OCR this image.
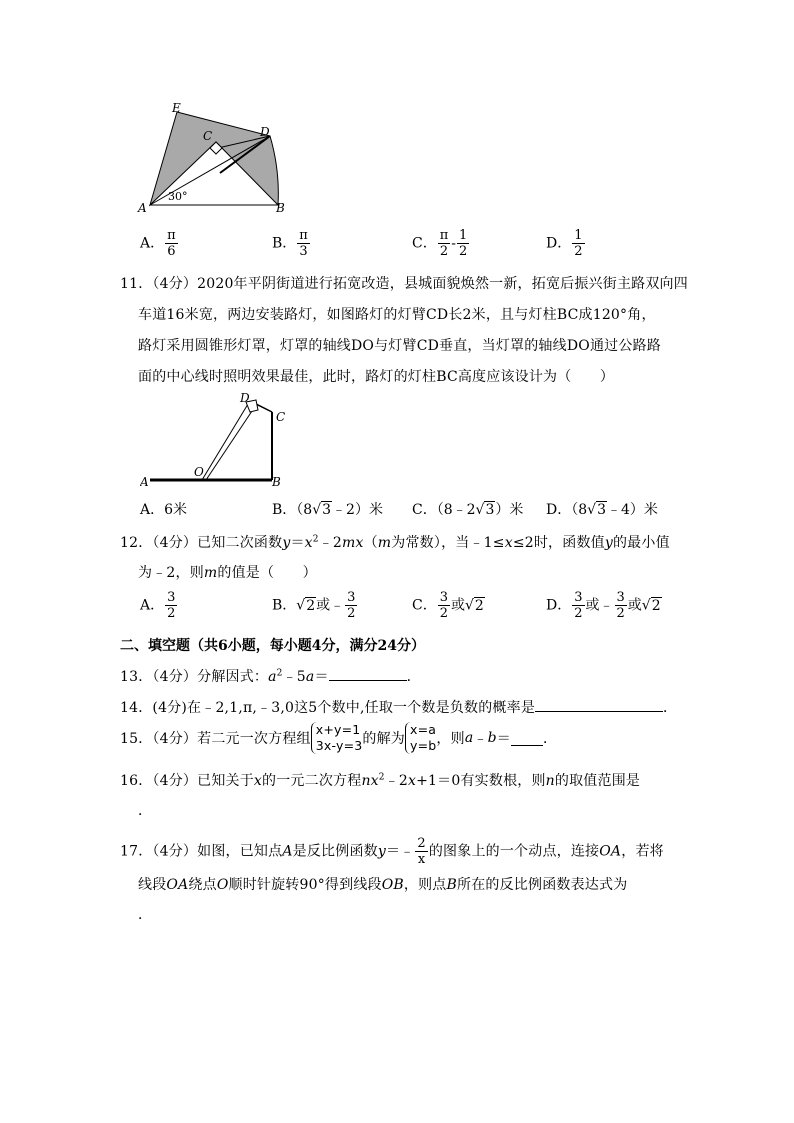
E
C	D
A	B
30°
A． $\frac{\pi}{6}$	B． $\frac{\pi}{3}$	C． $\frac{\pi}{2} - \frac{1}{2}$	D． $\frac{1}{2}$
11．（4分）2020年平阴街道进行拓宽改造，县城面貌焕然一新，拓宽后振兴街主路双向四
车道16米宽，两边安装路灯，如图路灯的灯臂CD长2米，且与灯柱BC成120°角，
路灯采用圆锥形灯罩，灯罩的轴线DO与灯臂CD垂直，当灯罩的轴线DO通过公路路
面的中心线时照明效果最佳，此时，路灯的灯柱BC高度应该设计为（　　）
D
C
O
A	B
A．6米	B．（8√3﹣2）米 C．（8﹣2√3）米 D．（8√3﹣4）米
12．（4分）已知二次函数$y=x^2﹣2mx(m$为常数），当﹣1≤x≤2时，函数值y的最小值
为﹣2，则m的值是（　　）
A． $\frac{3}{2}$	B．√2或﹣ $\frac{3}{2}$	C． $\frac{3}{2}$ 或√2	D． $\frac{3}{2}$ 或﹣ $\frac{3}{2}$ 或√2
二、填空题（共6小题，每小题4分，满分24分）
13．（4分）分解因式：$a^2﹣5a=$	．
14．(4分)在﹣2,1,π,﹣3,0这5个数中,任取一个数是负数的概率是	．
15．（4分）若二元一次方程组
x+y=1
3x-y=3 的解为
x=a
y=b ，则a﹣b＝ ．
16．（4分）已知关于x的一元二次方程$nx^2﹣2x+1=0$有实数根，则n的取值范围是
．
17．（4分）如图，已知点A是反比例函数y＝﹣ $\frac{2}{x}$ 的图象上的一个动点，连接OA，若将
线段OA绕点O顺时针旋转90°得到线段OB，则点B所在的反比例函数表达式为
．
